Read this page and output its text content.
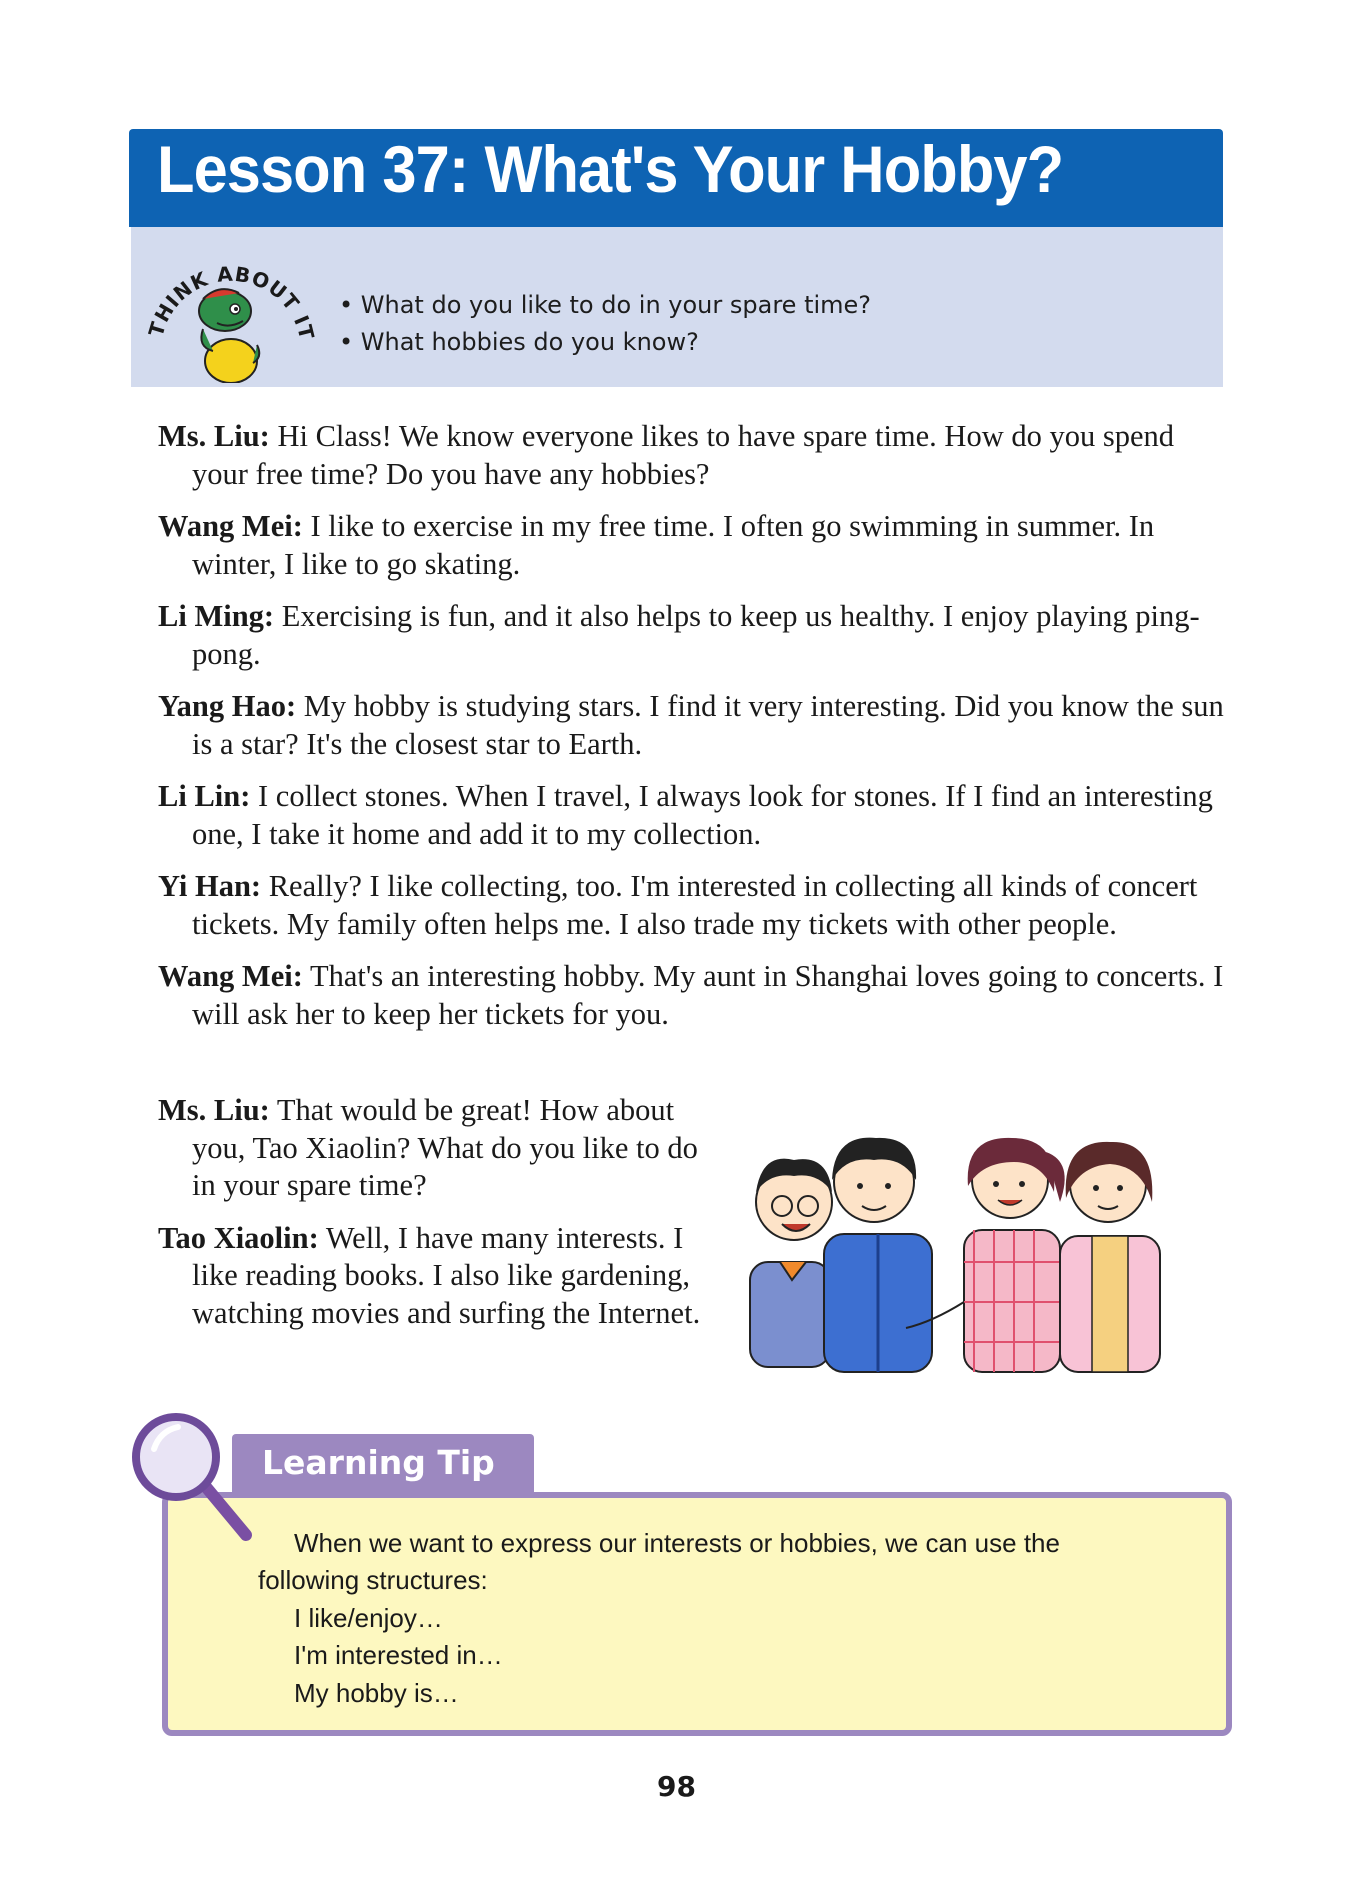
Lesson 37: What's Your Hobby?
THINK ABOUT IT
• What do you like to do in your spare time?
• What hobbies do you know?

Ms. Liu: Hi Class! We know everyone likes to have spare time. How do you spend your free time? Do you have any hobbies?

Wang Mei: I like to exercise in my free time. I often go swimming in summer. In winter, I like to go skating.

Li Ming: Exercising is fun, and it also helps to keep us healthy. I enjoy playing ping-pong.

Yang Hao: My hobby is studying stars. I find it very interesting. Did you know the sun is a star? It's the closest star to Earth.

Li Lin: I collect stones. When I travel, I always look for stones. If I find an interesting one, I take it home and add it to my collection.

Yi Han: Really? I like collecting, too. I'm interested in collecting all kinds of concert tickets. My family often helps me. I also trade my tickets with other people.

Wang Mei: That's an interesting hobby. My aunt in Shanghai loves going to concerts. I will ask her to keep her tickets for you.

Ms. Liu: That would be great! How about you, Tao Xiaolin? What do you like to do in your spare time?

Tao Xiaolin: Well, I have many interests. I like reading books. I also like gardening, watching movies and surfing the Internet.

When we want to express our interests or hobbies, we can use the
following structures:
I like/enjoy…
I'm interested in…
My hobby is…
Learning Tip
98
